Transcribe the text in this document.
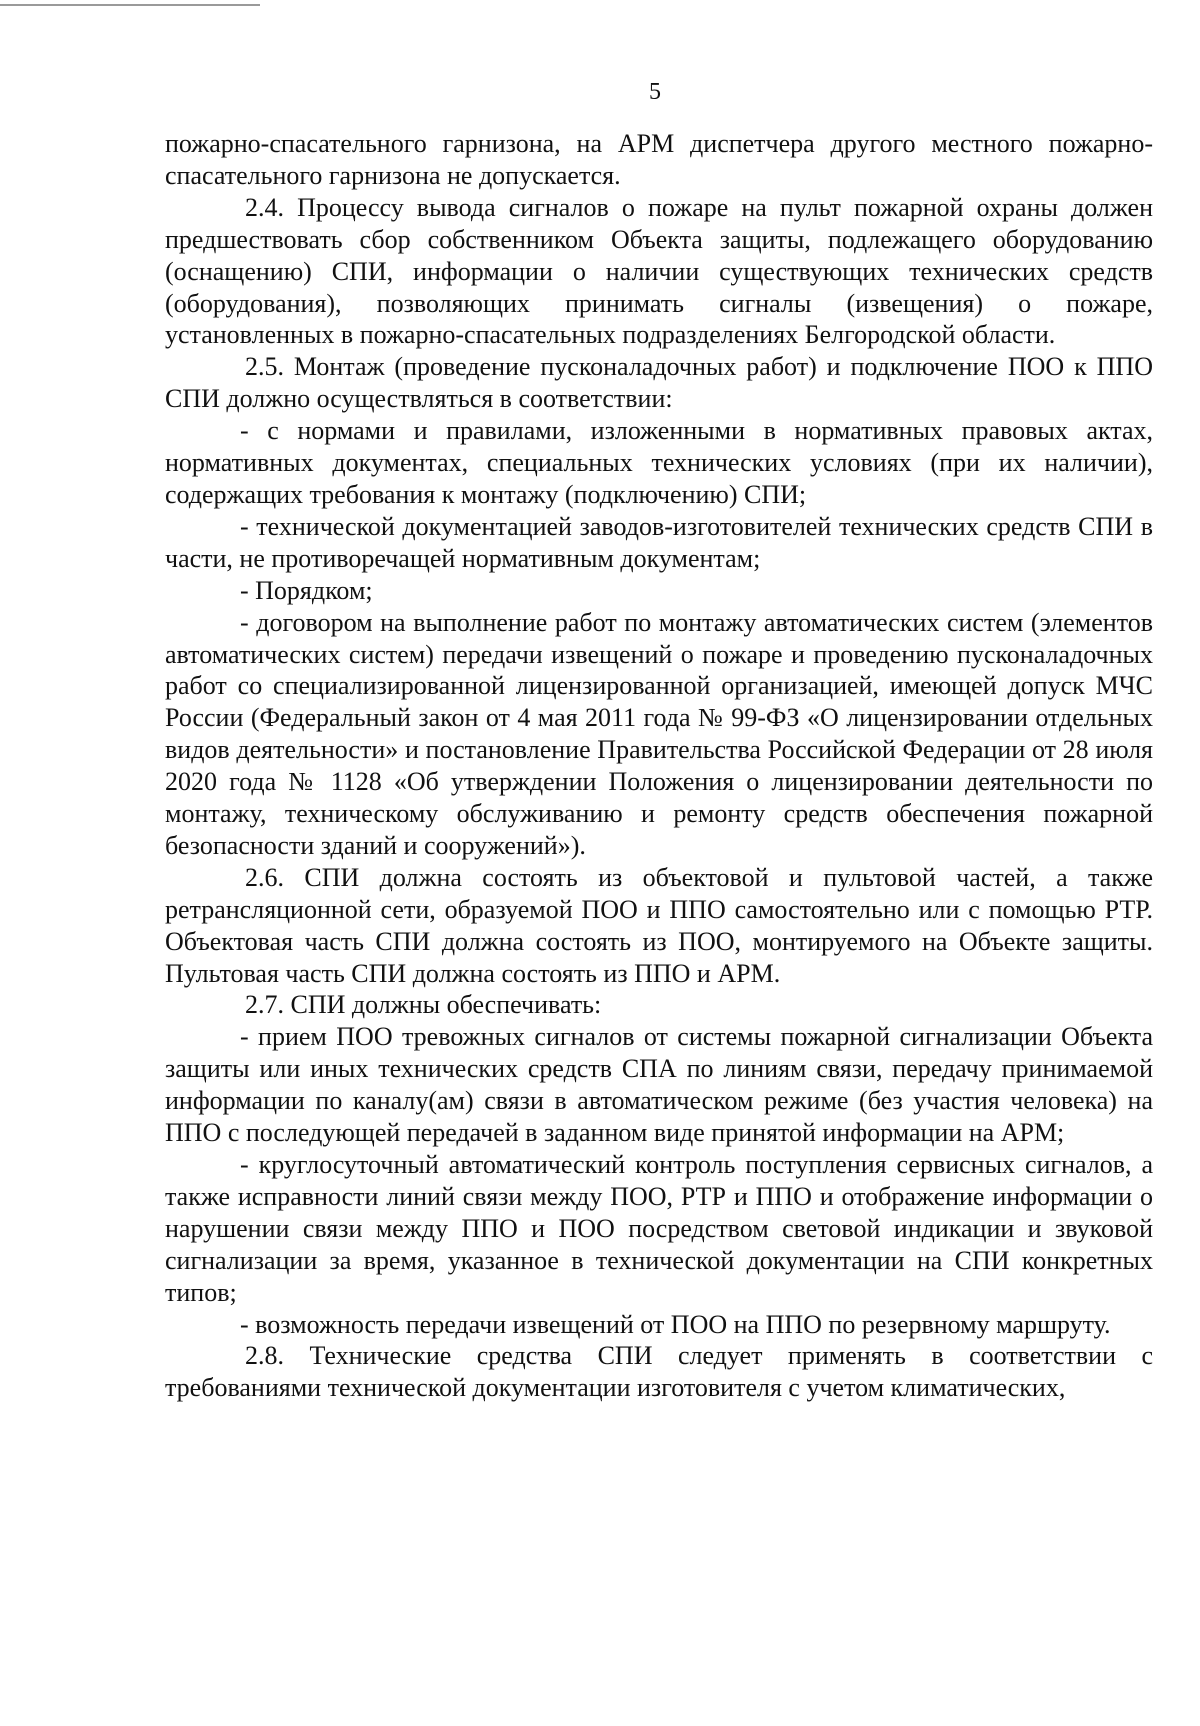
5

пожарно-спасательного гарнизона, на АРМ диспетчера другого местного пожарно-спасательного гарнизона не допускается.

2.4. Процессу вывода сигналов о пожаре на пульт пожарной охраны должен предшествовать сбор собственником Объекта защиты, подлежащего оборудованию (оснащению) СПИ, информации о наличии существующих технических средств (оборудования), позволяющих принимать сигналы (извещения) о пожаре, установленных в пожарно-спасательных подразделениях Белгородской области.

2.5. Монтаж (проведение пусконаладочных работ) и подключение ПОО к ППО СПИ должно осуществляться в соответствии:

- с нормами и правилами, изложенными в нормативных правовых актах, нормативных документах, специальных технических условиях (при их наличии), содержащих требования к монтажу (подключению) СПИ;

- технической документацией заводов-изготовителей технических средств СПИ в части, не противоречащей нормативным документам;

- Порядком;

- договором на выполнение работ по монтажу автоматических систем (элементов автоматических систем) передачи извещений о пожаре и проведению пусконаладочных работ со специализированной лицензированной организацией, имеющей допуск МЧС России (Федеральный закон от 4 мая 2011 года № 99-ФЗ «О лицензировании отдельных видов деятельности» и постановление Правительства Российской Федерации от 28 июля 2020 года № 1128 «Об утверждении Положения о лицензировании деятельности по монтажу, техническому обслуживанию и ремонту средств обеспечения пожарной безопасности зданий и сооружений»).

2.6. СПИ должна состоять из объектовой и пультовой частей, а также ретрансляционной сети, образуемой ПОО и ППО самостоятельно или с помощью РТР. Объектовая часть СПИ должна состоять из ПОО, монтируемого на Объекте защиты. Пультовая часть СПИ должна состоять из ППО и АРМ.

2.7. СПИ должны обеспечивать:

- прием ПОО тревожных сигналов от системы пожарной сигнализации Объекта защиты или иных технических средств СПА по линиям связи, передачу принимаемой информации по каналу(ам) связи в автоматическом режиме (без участия человека) на ППО с последующей передачей в заданном виде принятой информации на АРМ;

- круглосуточный автоматический контроль поступления сервисных сигналов, а также исправности линий связи между ПОО, РТР и ППО и отображение информации о нарушении связи между ППО и ПОО посредством световой индикации и звуковой сигнализации за время, указанное в технической документации на СПИ конкретных типов;

- возможность передачи извещений от ПОО на ППО по резервному маршруту.

2.8. Технические средства СПИ следует применять в соответствии с требованиями технической документации изготовителя с учетом климатических,
